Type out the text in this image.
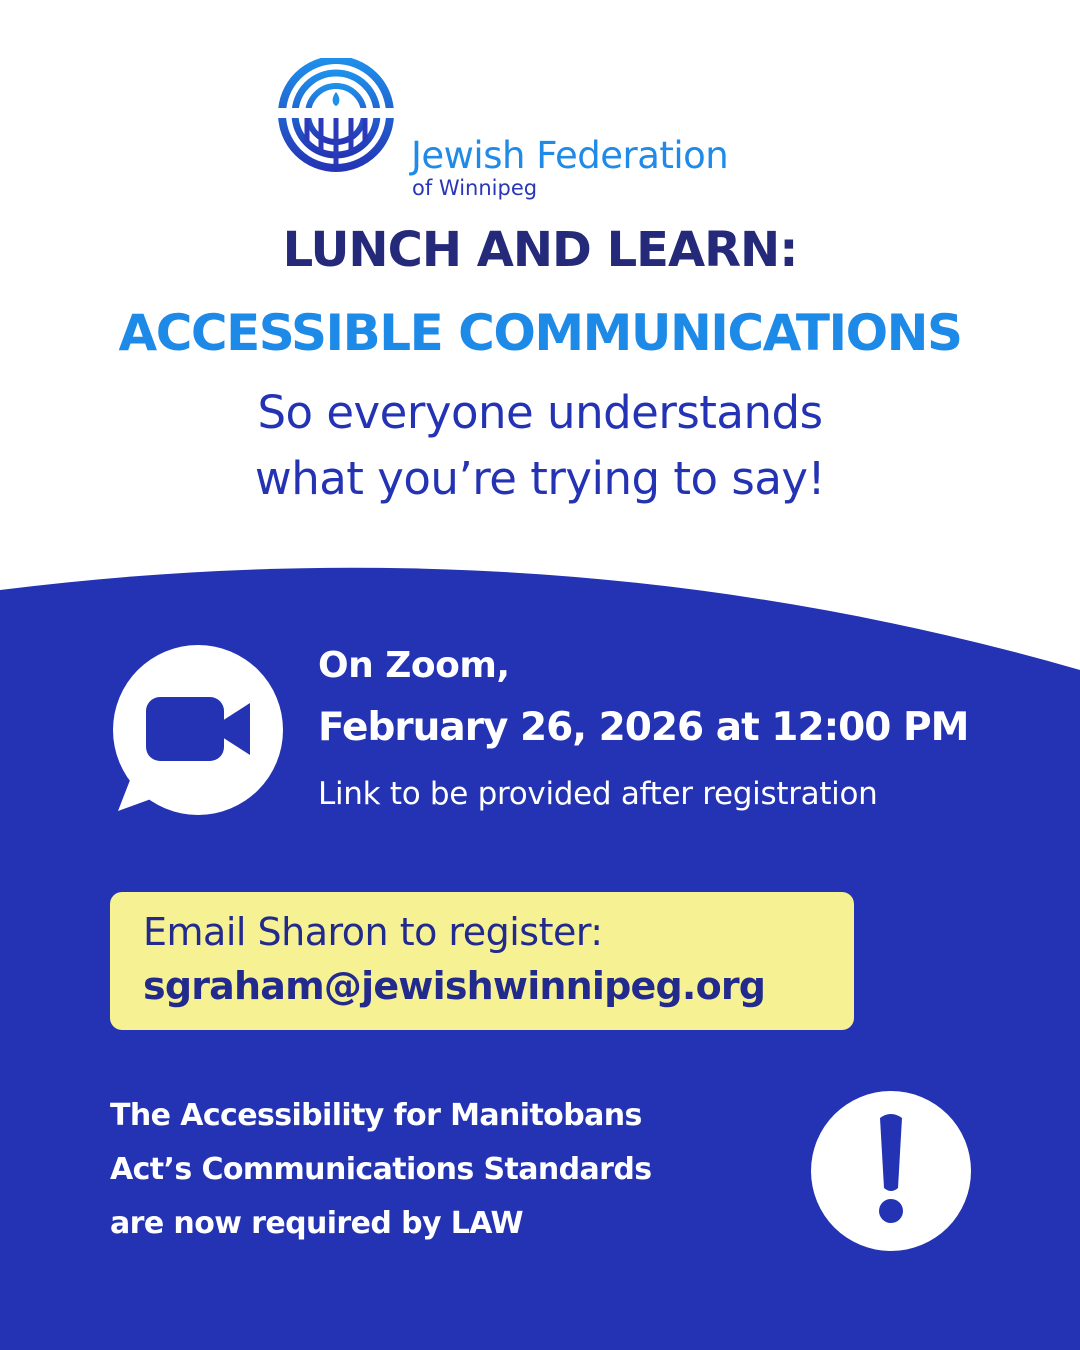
Jewish Federation
of Winnipeg
LUNCH AND LEARN:
ACCESSIBLE COMMUNICATIONS
So everyone understands
what you’re trying to say!
On Zoom,
February 26, 2026 at 12:00 PM
Link to be provided after registration
Email Sharon to register:
sgraham@jewishwinnipeg.org
The Accessibility for Manitobans
Act’s Communications Standards
are now required by LAW
